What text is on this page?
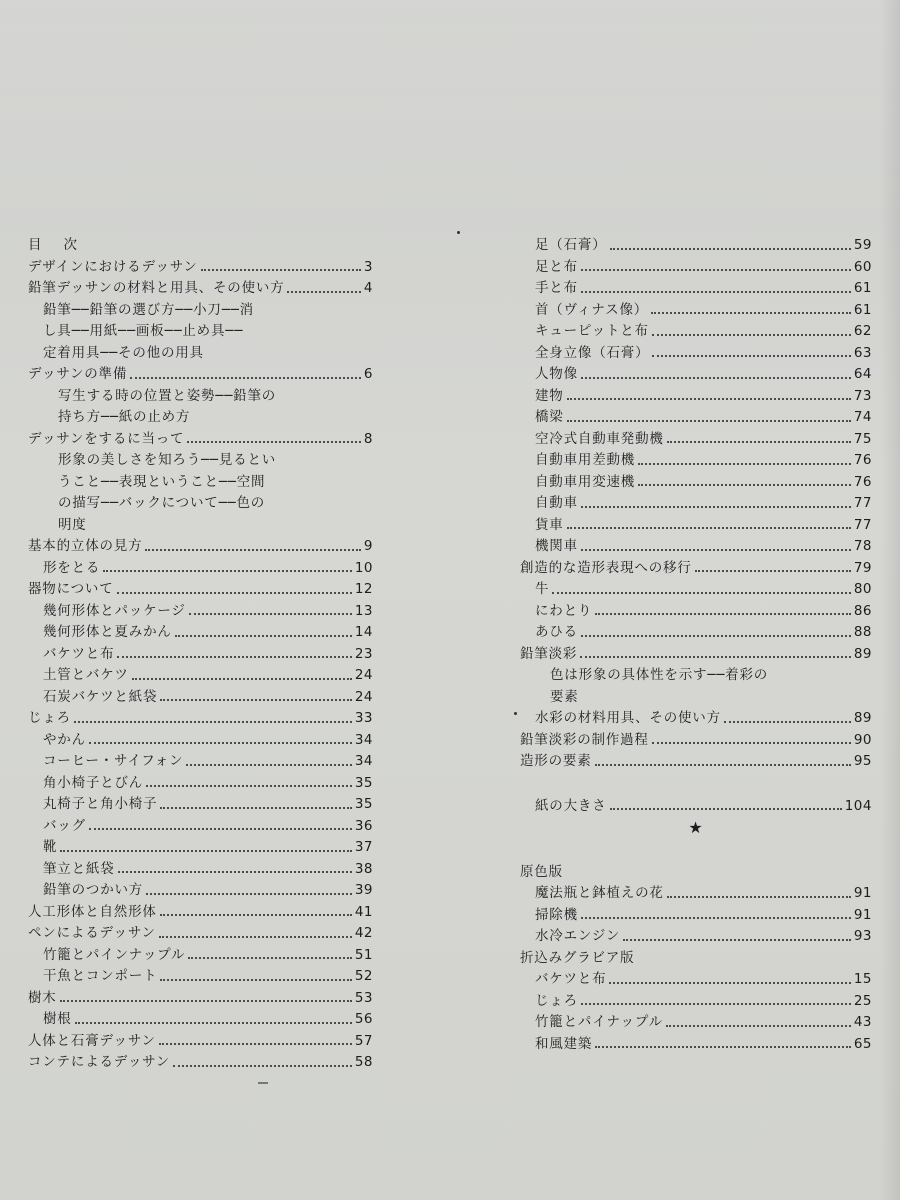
目次
デザインにおけるデッサン	3
鉛筆デッサンの材料と用具、その使い方	4
鉛筆──鉛筆の選び方──小刀──消
し具──用紙──画板──止め具──
定着用具──その他の用具
デッサンの準備	6
写生する時の位置と姿勢──鉛筆の
持ち方──紙の止め方
デッサンをするに当って	8
形象の美しさを知ろう──見るとい
うこと──表現ということ──空間
の描写──バックについて──色の
明度
基本的立体の見方	9
形をとる	10
器物について	12
幾何形体とパッケージ	13
幾何形体と夏みかん	14
バケツと布	23
土管とバケツ	24
石炭バケツと紙袋	24
じょろ	33
やかん	34
コーヒー・サイフォン	34
角小椅子とびん	35
丸椅子と角小椅子	35
バッグ	36
靴	37
筆立と紙袋	38
鉛筆のつかい方	39
人工形体と自然形体	41
ペンによるデッサン	42
竹籠とパインナップル	51
干魚とコンポート	52
樹木	53
樹根	56
人体と石膏デッサン	57
コンテによるデッサン	58
足（石膏）	59
足と布	60
手と布	61
首（ヴィナス像）	61
キューピットと布	62
全身立像（石膏）	63
人物像	64
建物	73
橋梁	74
空冷式自動車発動機	75
自動車用差動機	76
自動車用変速機	76
自動車	77
貨車	77
機関車	78
創造的な造形表現への移行	79
牛	80
にわとり	86
あひる	88
鉛筆淡彩	89
色は形象の具体性を示す──着彩の
要素
水彩の材料用具、その使い方	89
鉛筆淡彩の制作過程	90
造形の要素	95
紙の大きさ	104
★
原色版
魔法瓶と鉢植えの花	91
掃除機	91
水冷エンジン	93
折込みグラビア版
バケツと布	15
じょろ	25
竹籠とパイナップル	43
和風建築	65
